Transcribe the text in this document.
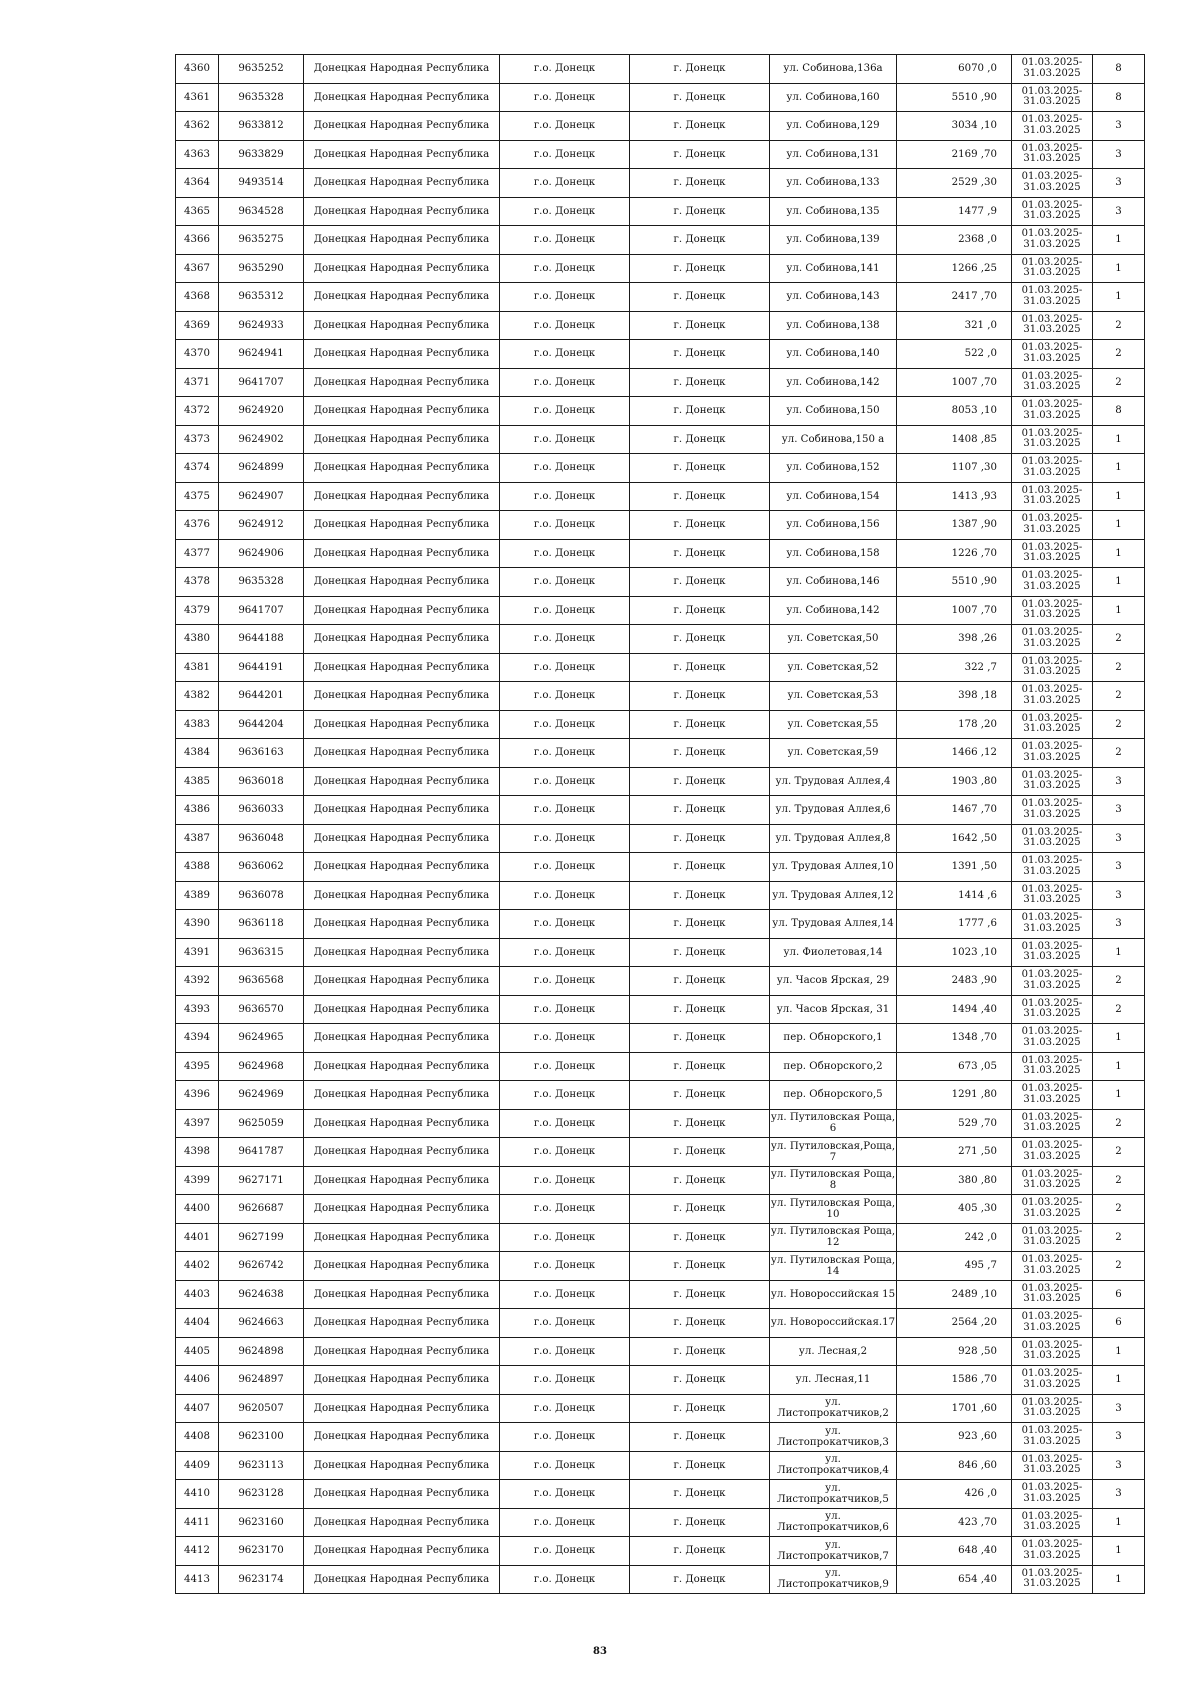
4360	9635252	Донецкая Народная Республика	г.о. Донецк	г. Донецк	ул. Собинова,136а	6070 ,0	01.03.2025-
31.03.2025	8
4361	9635328	Донецкая Народная Республика	г.о. Донецк	г. Донецк	ул. Собинова,160	5510 ,90	01.03.2025-
31.03.2025	8
4362	9633812	Донецкая Народная Республика	г.о. Донецк	г. Донецк	ул. Собинова,129	3034 ,10	01.03.2025-
31.03.2025	3
4363	9633829	Донецкая Народная Республика	г.о. Донецк	г. Донецк	ул. Собинова,131	2169 ,70	01.03.2025-
31.03.2025	3
4364	9493514	Донецкая Народная Республика	г.о. Донецк	г. Донецк	ул. Собинова,133	2529 ,30	01.03.2025-
31.03.2025	3
4365	9634528	Донецкая Народная Республика	г.о. Донецк	г. Донецк	ул. Собинова,135	1477 ,9	01.03.2025-
31.03.2025	3
4366	9635275	Донецкая Народная Республика	г.о. Донецк	г. Донецк	ул. Собинова,139	2368 ,0	01.03.2025-
31.03.2025	1
4367	9635290	Донецкая Народная Республика	г.о. Донецк	г. Донецк	ул. Собинова,141	1266 ,25	01.03.2025-
31.03.2025	1
4368	9635312	Донецкая Народная Республика	г.о. Донецк	г. Донецк	ул. Собинова,143	2417 ,70	01.03.2025-
31.03.2025	1
4369	9624933	Донецкая Народная Республика	г.о. Донецк	г. Донецк	ул. Собинова,138	321 ,0	01.03.2025-
31.03.2025	2
4370	9624941	Донецкая Народная Республика	г.о. Донецк	г. Донецк	ул. Собинова,140	522 ,0	01.03.2025-
31.03.2025	2
4371	9641707	Донецкая Народная Республика	г.о. Донецк	г. Донецк	ул. Собинова,142	1007 ,70	01.03.2025-
31.03.2025	2
4372	9624920	Донецкая Народная Республика	г.о. Донецк	г. Донецк	ул. Собинова,150	8053 ,10	01.03.2025-
31.03.2025	8
4373	9624902	Донецкая Народная Республика	г.о. Донецк	г. Донецк	ул. Собинова,150 а	1408 ,85	01.03.2025-
31.03.2025	1
4374	9624899	Донецкая Народная Республика	г.о. Донецк	г. Донецк	ул. Собинова,152	1107 ,30	01.03.2025-
31.03.2025	1
4375	9624907	Донецкая Народная Республика	г.о. Донецк	г. Донецк	ул. Собинова,154	1413 ,93	01.03.2025-
31.03.2025	1
4376	9624912	Донецкая Народная Республика	г.о. Донецк	г. Донецк	ул. Собинова,156	1387 ,90	01.03.2025-
31.03.2025	1
4377	9624906	Донецкая Народная Республика	г.о. Донецк	г. Донецк	ул. Собинова,158	1226 ,70	01.03.2025-
31.03.2025	1
4378	9635328	Донецкая Народная Республика	г.о. Донецк	г. Донецк	ул. Собинова,146	5510 ,90	01.03.2025-
31.03.2025	1
4379	9641707	Донецкая Народная Республика	г.о. Донецк	г. Донецк	ул. Собинова,142	1007 ,70	01.03.2025-
31.03.2025	1
4380	9644188	Донецкая Народная Республика	г.о. Донецк	г. Донецк	ул. Советская,50	398 ,26	01.03.2025-
31.03.2025	2
4381	9644191	Донецкая Народная Республика	г.о. Донецк	г. Донецк	ул. Советская,52	322 ,7	01.03.2025-
31.03.2025	2
4382	9644201	Донецкая Народная Республика	г.о. Донецк	г. Донецк	ул. Советская,53	398 ,18	01.03.2025-
31.03.2025	2
4383	9644204	Донецкая Народная Республика	г.о. Донецк	г. Донецк	ул. Советская,55	178 ,20	01.03.2025-
31.03.2025	2
4384	9636163	Донецкая Народная Республика	г.о. Донецк	г. Донецк	ул. Советская,59	1466 ,12	01.03.2025-
31.03.2025	2
4385	9636018	Донецкая Народная Республика	г.о. Донецк	г. Донецк	ул. Трудовая Аллея,4	1903 ,80	01.03.2025-
31.03.2025	3
4386	9636033	Донецкая Народная Республика	г.о. Донецк	г. Донецк	ул. Трудовая Аллея,6	1467 ,70	01.03.2025-
31.03.2025	3
4387	9636048	Донецкая Народная Республика	г.о. Донецк	г. Донецк	ул. Трудовая Аллея,8	1642 ,50	01.03.2025-
31.03.2025	3
4388	9636062	Донецкая Народная Республика	г.о. Донецк	г. Донецк	ул. Трудовая Аллея,10	1391 ,50	01.03.2025-
31.03.2025	3
4389	9636078	Донецкая Народная Республика	г.о. Донецк	г. Донецк	ул. Трудовая Аллея,12	1414 ,6	01.03.2025-
31.03.2025	3
4390	9636118	Донецкая Народная Республика	г.о. Донецк	г. Донецк	ул. Трудовая Аллея,14	1777 ,6	01.03.2025-
31.03.2025	3
4391	9636315	Донецкая Народная Республика	г.о. Донецк	г. Донецк	ул. Фиолетовая,14	1023 ,10	01.03.2025-
31.03.2025	1
4392	9636568	Донецкая Народная Республика	г.о. Донецк	г. Донецк	ул. Часов Ярская, 29	2483 ,90	01.03.2025-
31.03.2025	2
4393	9636570	Донецкая Народная Республика	г.о. Донецк	г. Донецк	ул. Часов Ярская, 31	1494 ,40	01.03.2025-
31.03.2025	2
4394	9624965	Донецкая Народная Республика	г.о. Донецк	г. Донецк	пер. Обнорского,1	1348 ,70	01.03.2025-
31.03.2025	1
4395	9624968	Донецкая Народная Республика	г.о. Донецк	г. Донецк	пер. Обнорского,2	673 ,05	01.03.2025-
31.03.2025	1
4396	9624969	Донецкая Народная Республика	г.о. Донецк	г. Донецк	пер. Обнорского,5	1291 ,80	01.03.2025-
31.03.2025	1
4397	9625059	Донецкая Народная Республика	г.о. Донецк	г. Донецк	ул. Путиловская Роща, 6	529 ,70	01.03.2025-
31.03.2025	2
4398	9641787	Донецкая Народная Республика	г.о. Донецк	г. Донецк	ул. Путиловская,Роща, 7	271 ,50	01.03.2025-
31.03.2025	2
4399	9627171	Донецкая Народная Республика	г.о. Донецк	г. Донецк	ул. Путиловская Роща, 8	380 ,80	01.03.2025-
31.03.2025	2
4400	9626687	Донецкая Народная Республика	г.о. Донецк	г. Донецк	ул. Путиловская Роща, 10	405 ,30	01.03.2025-
31.03.2025	2
4401	9627199	Донецкая Народная Республика	г.о. Донецк	г. Донецк	ул. Путиловская Роща, 12	242 ,0	01.03.2025-
31.03.2025	2
4402	9626742	Донецкая Народная Республика	г.о. Донецк	г. Донецк	ул. Путиловская Роща, 14	495 ,7	01.03.2025-
31.03.2025	2
4403	9624638	Донецкая Народная Республика	г.о. Донецк	г. Донецк	ул. Новороссийская 15	2489 ,10	01.03.2025-
31.03.2025	6
4404	9624663	Донецкая Народная Республика	г.о. Донецк	г. Донецк	ул. Новороссийская.17	2564 ,20	01.03.2025-
31.03.2025	6
4405	9624898	Донецкая Народная Республика	г.о. Донецк	г. Донецк	ул. Лесная,2	928 ,50	01.03.2025-
31.03.2025	1
4406	9624897	Донецкая Народная Республика	г.о. Донецк	г. Донецк	ул. Лесная,11	1586 ,70	01.03.2025-
31.03.2025	1
4407	9620507	Донецкая Народная Республика	г.о. Донецк	г. Донецк	ул. Листопрокатчиков,2	1701 ,60	01.03.2025-
31.03.2025	3
4408	9623100	Донецкая Народная Республика	г.о. Донецк	г. Донецк	ул. Листопрокатчиков,3	923 ,60	01.03.2025-
31.03.2025	3
4409	9623113	Донецкая Народная Республика	г.о. Донецк	г. Донецк	ул. Листопрокатчиков,4	846 ,60	01.03.2025-
31.03.2025	3
4410	9623128	Донецкая Народная Республика	г.о. Донецк	г. Донецк	ул. Листопрокатчиков,5	426 ,0	01.03.2025-
31.03.2025	3
4411	9623160	Донецкая Народная Республика	г.о. Донецк	г. Донецк	ул. Листопрокатчиков,6	423 ,70	01.03.2025-
31.03.2025	1
4412	9623170	Донецкая Народная Республика	г.о. Донецк	г. Донецк	ул. Листопрокатчиков,7	648 ,40	01.03.2025-
31.03.2025	1
4413	9623174	Донецкая Народная Республика	г.о. Донецк	г. Донецк	ул. Листопрокатчиков,9	654 ,40	01.03.2025-
31.03.2025	1
83
